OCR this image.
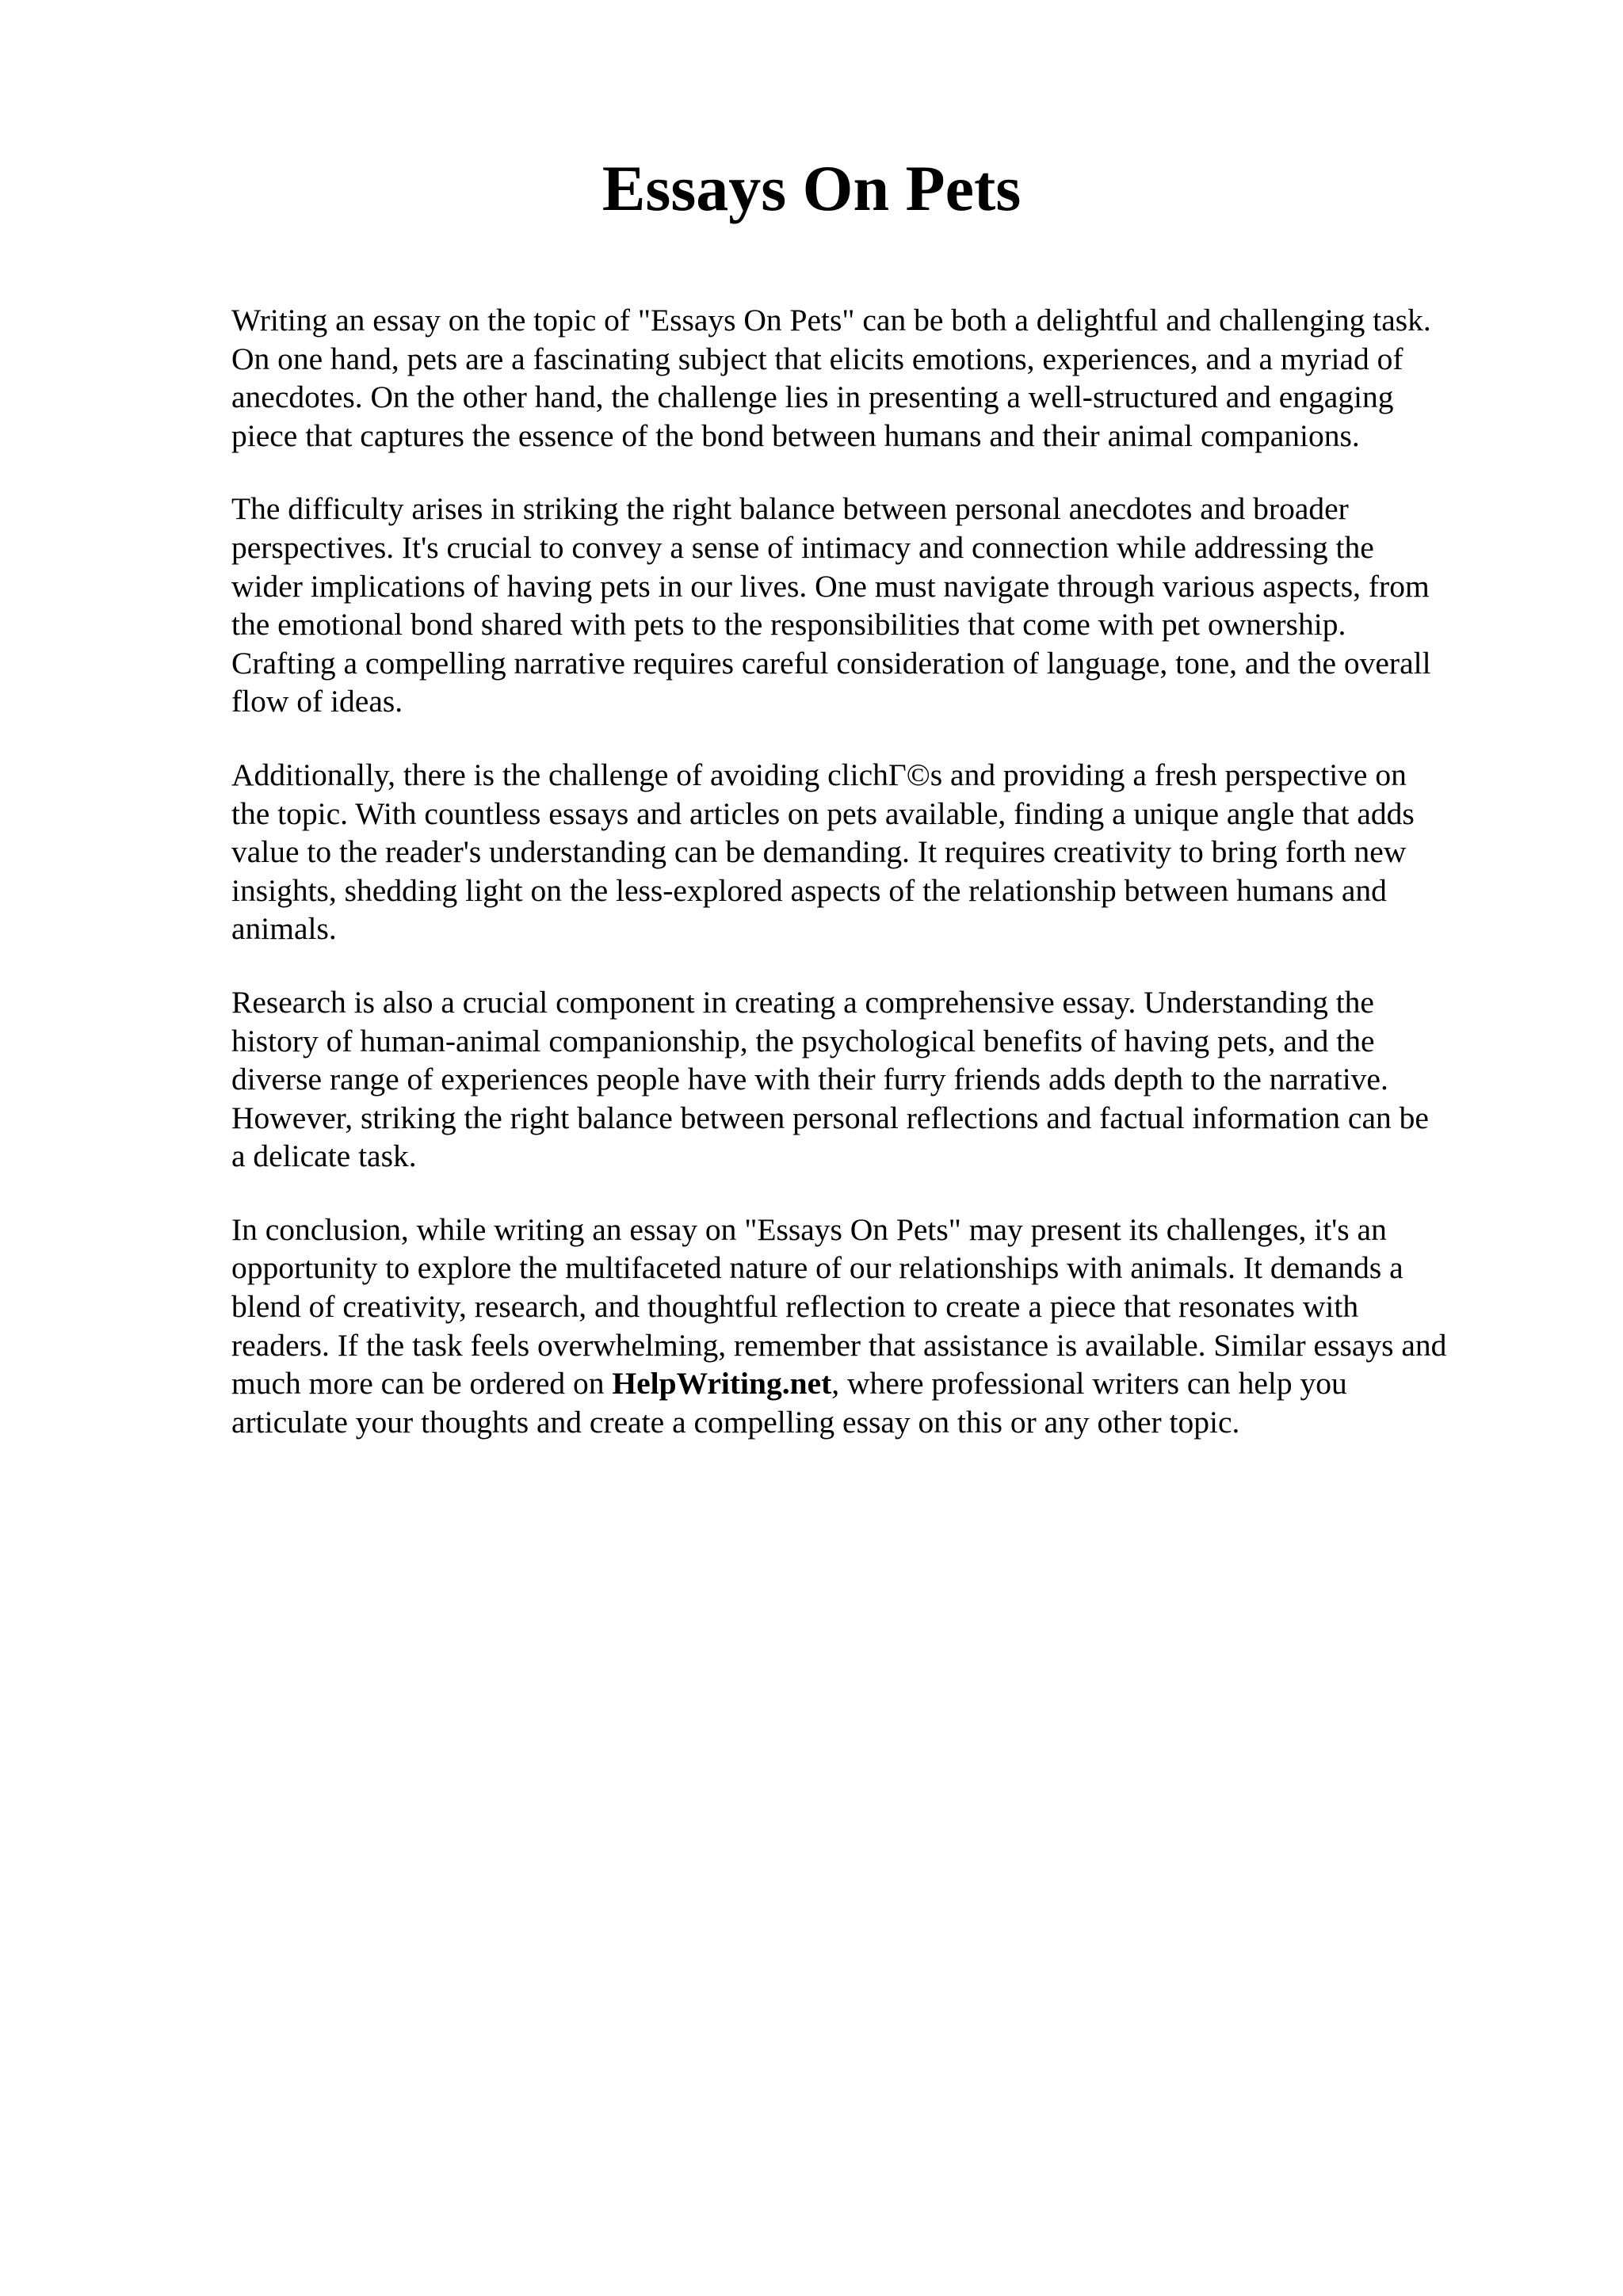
Essays On Pets

Writing an essay on the topic of "Essays On Pets" can be both a delightful and challenging task.
On one hand, pets are a fascinating subject that elicits emotions, experiences, and a myriad of
anecdotes. On the other hand, the challenge lies in presenting a well-structured and engaging
piece that captures the essence of the bond between humans and their animal companions.

The difficulty arises in striking the right balance between personal anecdotes and broader
perspectives. It's crucial to convey a sense of intimacy and connection while addressing the
wider implications of having pets in our lives. One must navigate through various aspects, from
the emotional bond shared with pets to the responsibilities that come with pet ownership.
Crafting a compelling narrative requires careful consideration of language, tone, and the overall
flow of ideas.

Additionally, there is the challenge of avoiding clichГ©s and providing a fresh perspective on
the topic. With countless essays and articles on pets available, finding a unique angle that adds
value to the reader's understanding can be demanding. It requires creativity to bring forth new
insights, shedding light on the less-explored aspects of the relationship between humans and
animals.

Research is also a crucial component in creating a comprehensive essay. Understanding the
history of human-animal companionship, the psychological benefits of having pets, and the
diverse range of experiences people have with their furry friends adds depth to the narrative.
However, striking the right balance between personal reflections and factual information can be
a delicate task.

In conclusion, while writing an essay on "Essays On Pets" may present its challenges, it's an
opportunity to explore the multifaceted nature of our relationships with animals. It demands a
blend of creativity, research, and thoughtful reflection to create a piece that resonates with
readers. If the task feels overwhelming, remember that assistance is available. Similar essays and
much more can be ordered on HelpWriting.net, where professional writers can help you
articulate your thoughts and create a compelling essay on this or any other topic.
